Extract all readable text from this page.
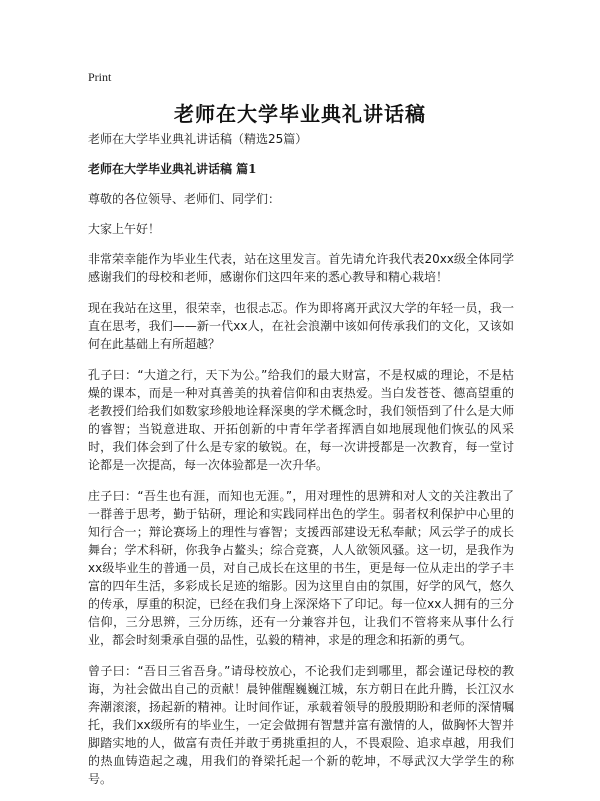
Print
老师在大学毕业典礼讲话稿

老师在大学毕业典礼讲话稿（精选25篇）

老师在大学毕业典礼讲话稿 篇1

尊敬的各位领导、老师们、同学们：

大家上午好！

非常荣幸能作为毕业生代表，站在这里发言。首先请允许我代表20xx级全体同学感谢我们的母校和老师，感谢你们这四年来的悉心教导和精心栽培！

现在我站在这里，很荣幸，也很忐忑。作为即将离开武汉大学的年轻一员，我一直在思考，我们——新一代xx人，在社会浪潮中该如何传承我们的文化，又该如何在此基础上有所超越？

孔子曰：“大道之行，天下为公。”给我们的最大财富，不是权威的理论，不是枯燥的课本，而是一种对真善美的执着信仰和由衷热爱。当白发苍苍、德高望重的老教授们给我们如数家珍般地诠释深奥的学术概念时，我们领悟到了什么是大师的睿智；当锐意进取、开拓创新的中青年学者挥洒自如地展现他们恢弘的风采时，我们体会到了什么是专家的敏锐。在，每一次讲授都是一次教育，每一堂讨论都是一次提高，每一次体验都是一次升华。

庄子曰：“吾生也有涯，而知也无涯。”，用对理性的思辨和对人文的关注教出了一群善于思考，勤于钻研，理论和实践同样出色的学生。弱者权利保护中心里的知行合一；辩论赛场上的理性与睿智；支援西部建设无私奉献；风云学子的成长舞台；学术科研，你我争占鳌头；综合竞赛，人人欲领风骚。这一切，是我作为xx级毕业生的普通一员，对自己成长在这里的书生，更是每一位从走出的学子丰富的四年生活，多彩成长足迹的缩影。因为这里自由的氛围，好学的风气，悠久的传承，厚重的积淀，已经在我们身上深深烙下了印记。每一位xx人拥有的三分信仰，三分思辨，三分历练，还有一分兼容并包，让我们不管将来从事什么行业，都会时刻秉承自强的品性，弘毅的精神，求是的理念和拓新的勇气。

曾子曰：“吾日三省吾身。”请母校放心，不论我们走到哪里，都会谨记母校的教诲，为社会做出自己的贡献！晨钟催醒巍巍江城，东方朝日在此升腾，长江汉水奔潮滚滚，扬起新的精神。让时间作证，承载着领导的殷殷期盼和老师的深情嘱托，我们xx级所有的毕业生，一定会做拥有智慧并富有激情的人，做胸怀大智并脚踏实地的人，做富有责任并敢于勇挑重担的人，不畏艰险、追求卓越，用我们的热血铸造起之魂，用我们的脊梁托起一个新的乾坤，不辱武汉大学学生的称号。
